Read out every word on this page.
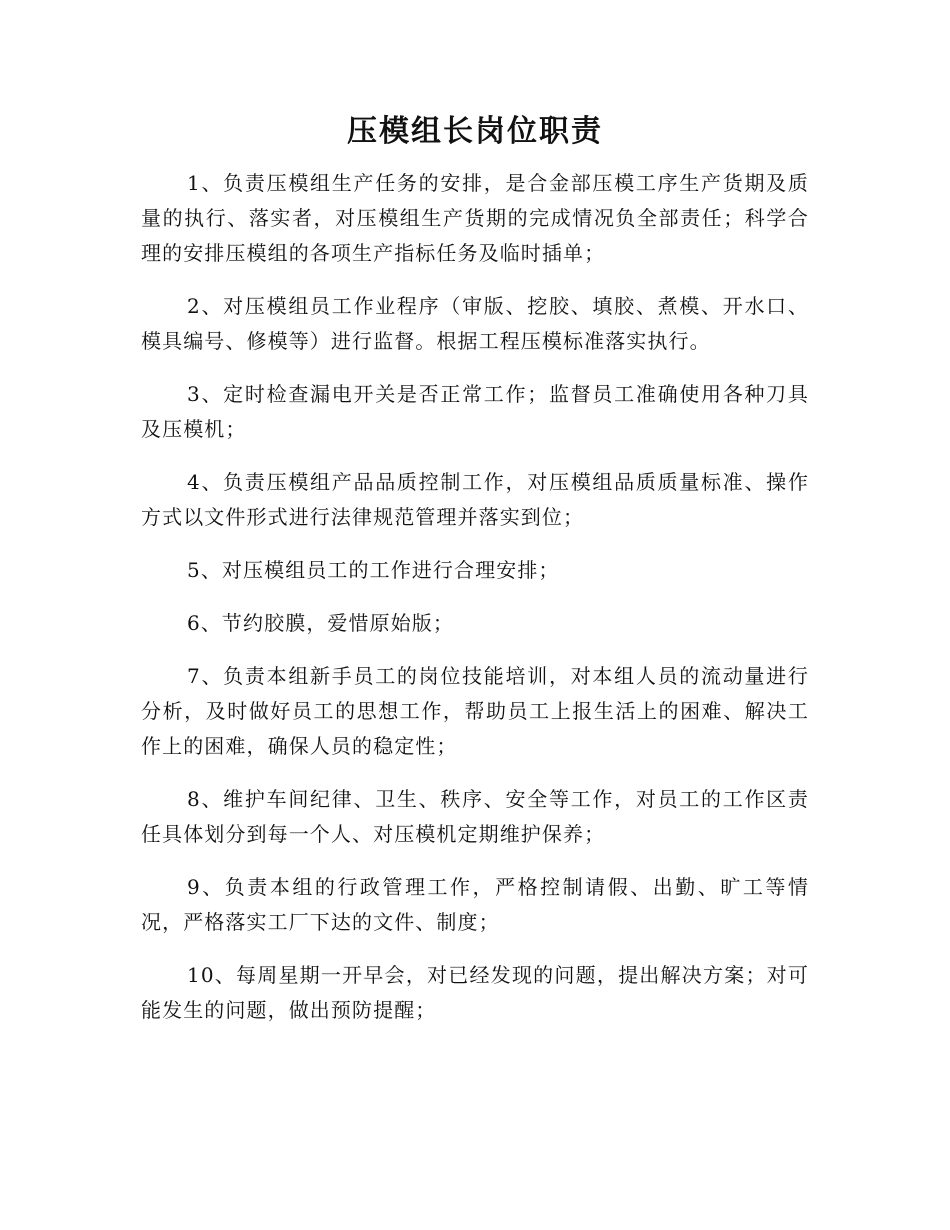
压模组长岗位职责

1、负责压模组生产任务的安排，是合金部压模工序生产货期及质量的执行、落实者，对压模组生产货期的完成情况负全部责任；科学合理的安排压模组的各项生产指标任务及临时插单；

2、对压模组员工作业程序（审版、挖胶、填胶、煮模、开水口、模具编号、修模等）进行监督。根据工程压模标准落实执行。

3、定时检查漏电开关是否正常工作；监督员工准确使用各种刀具及压模机；

4、负责压模组产品品质控制工作，对压模组品质质量标准、操作方式以文件形式进行法律规范管理并落实到位；

5、对压模组员工的工作进行合理安排；

6、节约胶膜，爱惜原始版；

7、负责本组新手员工的岗位技能培训，对本组人员的流动量进行分析，及时做好员工的思想工作，帮助员工上报生活上的困难、解决工作上的困难，确保人员的稳定性；

8、维护车间纪律、卫生、秩序、安全等工作，对员工的工作区责任具体划分到每一个人、对压模机定期维护保养；

9、负责本组的行政管理工作，严格控制请假、出勤、旷工等情况，严格落实工厂下达的文件、制度；

10、每周星期一开早会，对已经发现的问题，提出解决方案；对可能发生的问题，做出预防提醒；
